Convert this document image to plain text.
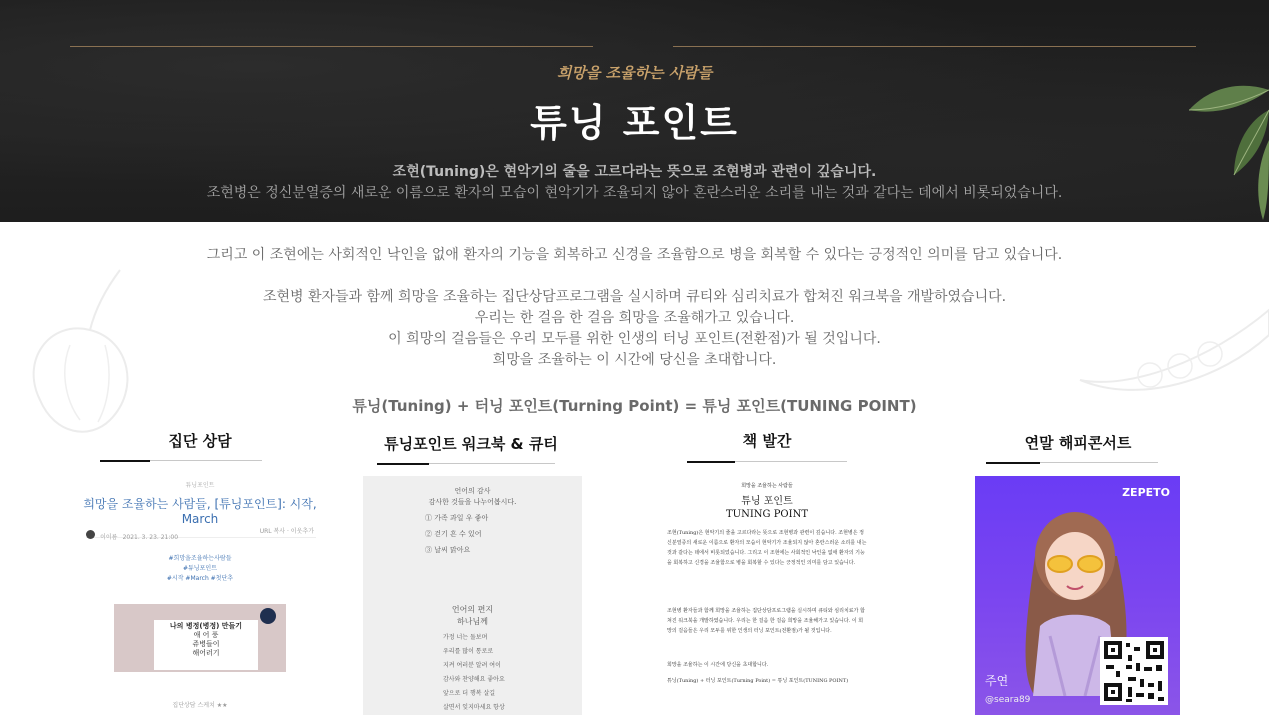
희망을 조율하는 사람들
튜닝 포인트
조현(Tuning)은 현악기의 줄을 고르다라는 뜻으로 조현병과 관련이 깊습니다.
조현병은 정신분열증의 새로운 이름으로 환자의 모습이 현악기가 조율되지 않아 혼란스러운 소리를 내는 것과 같다는 데에서 비롯되었습니다.
그리고 이 조현에는 사회적인 낙인을 없애 환자의 기능을 회복하고 신경을 조율함으로 병을 회복할 수 있다는 긍정적인 의미를 담고 있습니다.
조현병 환자들과 함께 희망을 조율하는 집단상담프로그램을 실시하며 큐티와 심리치료가 합쳐진 워크북을 개발하였습니다.
우리는 한 걸음 한 걸음 희망을 조율해가고 있습니다.
이 희망의 걸음들은 우리 모두를 위한 인생의 터닝 포인트(전환점)가 될 것입니다.
희망을 조율하는 이 시간에 당신을 초대합니다.
튜닝(Tuning) + 터닝 포인트(Turning Point) = 튜닝 포인트(TUNING POINT)
집단 상담
튜닝포인트
희망을 조율하는 사람들, [튜닝포인트]: 시작, March
이이름 2021. 3. 23. 21:00
URL 복사 · 이웃추가
#희망을조율하는사람들
#튜닝포인트
#시작 #March #첫단추
나의 병정(병정) 만들기
애 어 풍
쥬병들이
해어러기
집단상담 스케치 ★★
튜닝포인트 워크북 & 큐티
언어의 감사
감사한 것들을 나누어봅시다.
① 가족 과일 우 좋아
② 걷기 흔 수 있어
③ 날씨 맑아요
언어의 편지
하나님께
가정 너는 돌보며
우리를 많이 통로로
지켜 여러분 알려 여이
감사와 찬양해요 좋아요
앞으로 더 행복 살길
살면서 잊지마세요 항상
책 발간
희망을 조율하는 사람들
튜닝 포인트
TUNING POINT
조현(Tuning)은 현악기의 줄을 고르다라는 뜻으로 조현병과 관련이 깊습니다. 조현병은 정신분열증의 새로운 이름으로 환자의 모습이 현악기가 조율되지 않아 혼란스러운 소리를 내는 것과 같다는 데에서 비롯되었습니다. 그리고 이 조현에는 사회적인 낙인을 없애 환자의 기능을 회복하고 신경을 조율함으로 병을 회복할 수 있다는 긍정적인 의미를 담고 있습니다.
조현병 환자들과 함께 희망을 조율하는 집단상담프로그램을 실시하며 큐티와 심리치료가 합쳐진 워크북을 개발하였습니다. 우리는 한 걸음 한 걸음 희망을 조율해가고 있습니다. 이 희망의 걸음들은 우리 모두를 위한 인생의 터닝 포인트(전환점)가 될 것입니다.
희망을 조율하는 이 시간에 당신을 초대합니다.
튜닝(Tuning) + 터닝 포인트(Turning Point) = 튜닝 포인트(TUNING POINT)
연말 해피콘서트
ZEPETO
주연
@seara89
